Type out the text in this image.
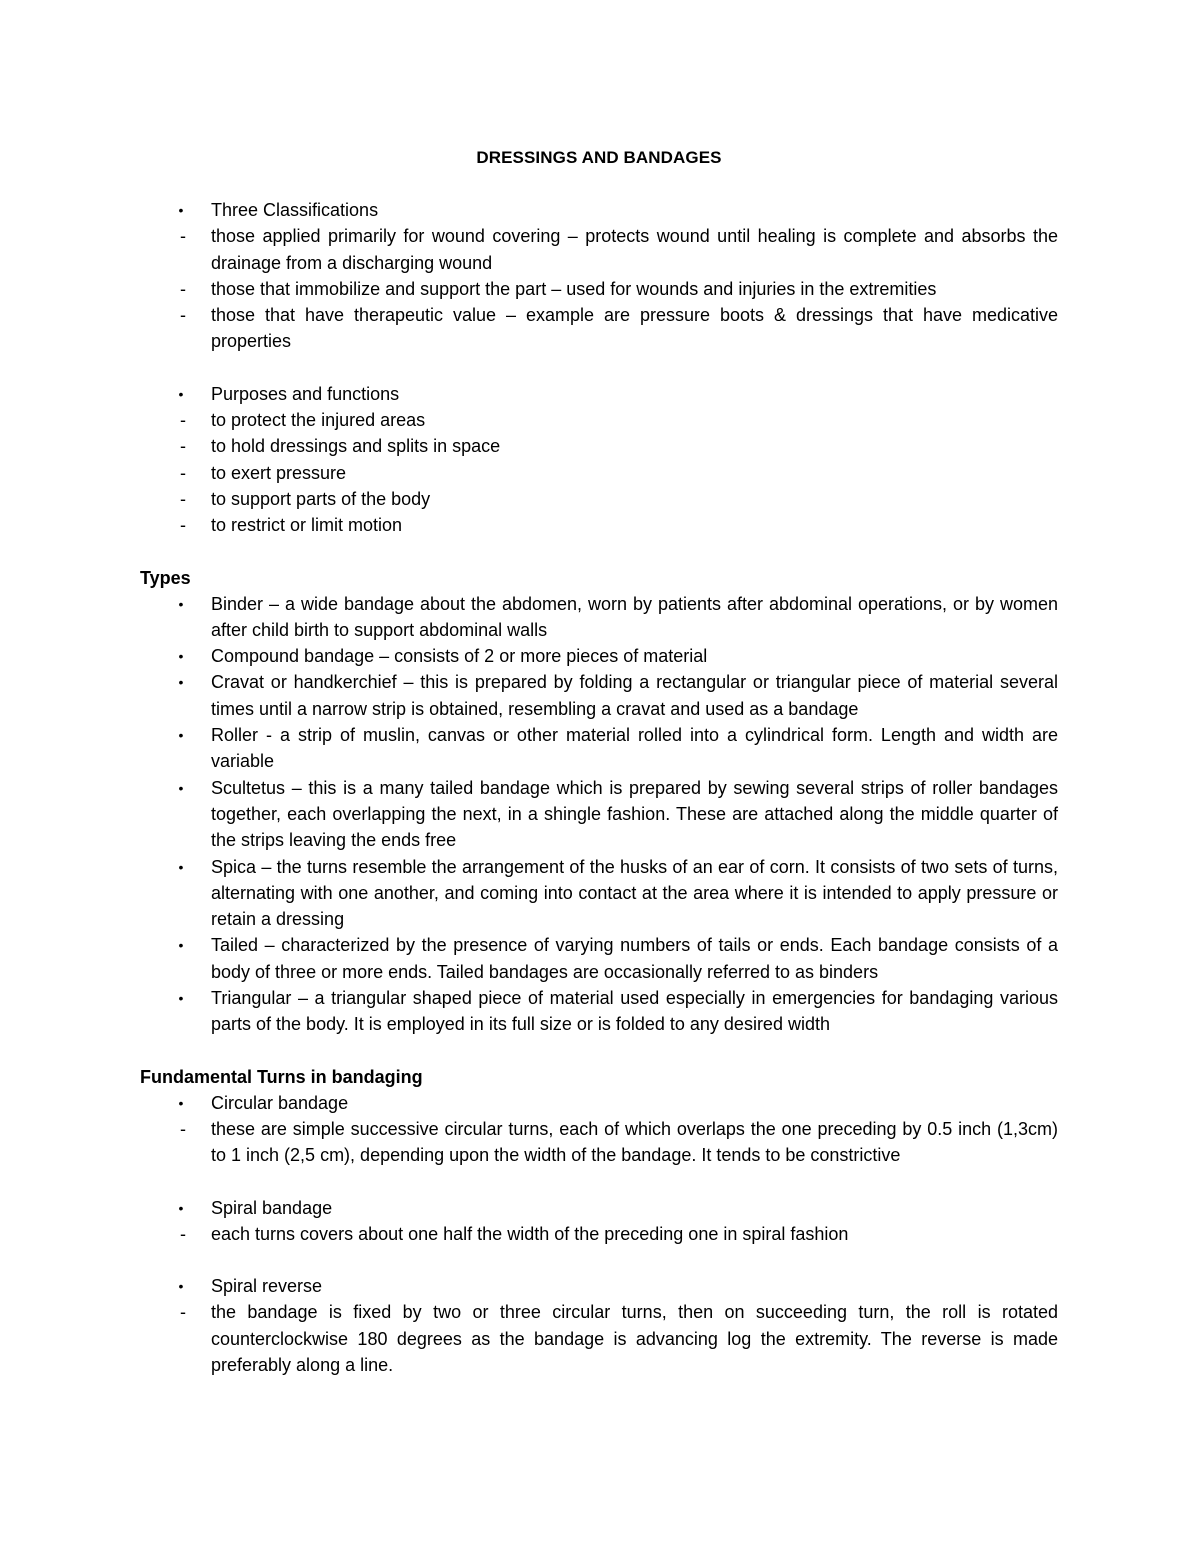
DRESSINGS AND BANDAGES
• Three Classifications
- those applied primarily for wound covering – protects wound until healing is complete and absorbs the drainage from a discharging wound
- those that immobilize and support the part – used for wounds and injuries in the extremities
- those that have therapeutic value – example are pressure boots & dressings that have medicative properties
• Purposes and functions
- to protect the injured areas
- to hold dressings and splits in space
- to exert pressure
- to support parts of the body
- to restrict or limit motion
Types
• Binder – a wide bandage about the abdomen, worn by patients after abdominal operations, or by women after child birth to support abdominal walls
• Compound bandage – consists of 2 or more pieces of material
• Cravat or handkerchief – this is prepared by folding a rectangular or triangular piece of material several times until a narrow strip is obtained, resembling a cravat and used as a bandage
• Roller - a strip of muslin, canvas or other material rolled into a cylindrical form. Length and width are variable
• Scultetus – this is a many tailed bandage which is prepared by sewing several strips of roller bandages together, each overlapping the next, in a shingle fashion. These are attached along the middle quarter of the strips leaving the ends free
• Spica – the turns resemble the arrangement of the husks of an ear of corn. It consists of two sets of turns, alternating with one another, and coming into contact at the area where it is intended to apply pressure or retain a dressing
• Tailed – characterized by the presence of varying numbers of tails or ends. Each bandage consists of a body of three or more ends. Tailed bandages are occasionally referred to as binders
• Triangular – a triangular shaped piece of material used especially in emergencies for bandaging various parts of the body. It is employed in its full size or is folded to any desired width
Fundamental Turns in bandaging
• Circular bandage
- these are simple successive circular turns, each of which overlaps the one preceding by 0.5 inch (1,3cm) to 1 inch (2,5 cm), depending upon the width of the bandage. It tends to be constrictive
• Spiral bandage
- each turns covers about one half the width of the preceding one in spiral fashion
• Spiral reverse
- the bandage is fixed by two or three circular turns, then on succeeding turn, the roll is rotated counterclockwise 180 degrees as the bandage is advancing log the extremity. The reverse is made preferably along a line.
